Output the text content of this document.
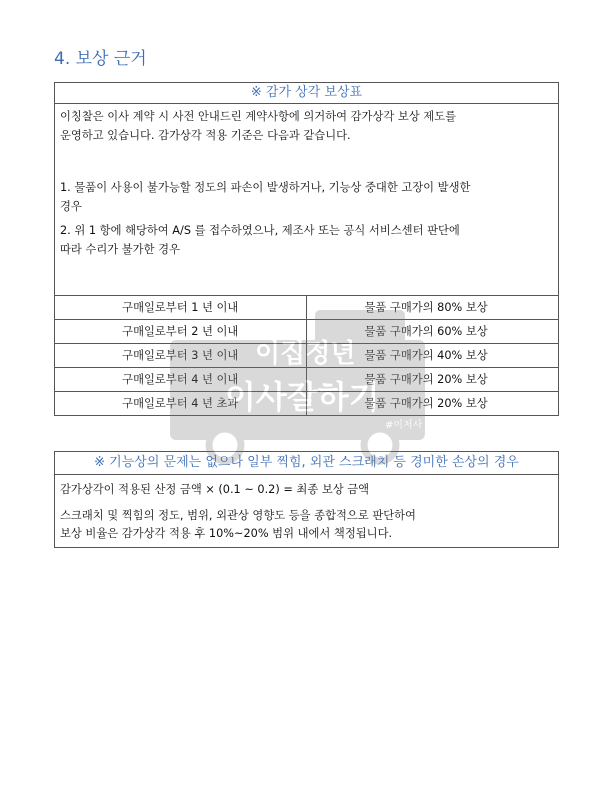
4. 보상 근거
※ 감가 상각 보상표

이칭찰은 이사 계약 시 사전 안내드린 계약사항에 의거하여 감가상각 보상 제도를

운영하고 있습니다. 감가상각 적용 기준은 다음과 같습니다.

1. 물품이 사용이 불가능할 정도의 파손이 발생하거나, 기능상 중대한 고장이 발생한

경우

2. 위 1 항에 해당하여 A/S 를 접수하였으나, 제조사 또는 공식 서비스센터 판단에

따라 수리가 불가한 경우

구매일로부터 1 년 이내	물품 구매가의 80% 보상
구매일로부터 2 년 이내	물품 구매가의 60% 보상
구매일로부터 3 년 이내	물품 구매가의 40% 보상
구매일로부터 4 년 이내	물품 구매가의 20% 보상
구매일로부터 4 년 초과	물품 구매가의 20% 보상
※ 기능상의 문제는 없으나 일부 찍힘, 외관 스크래치 등 경미한 손상의 경우

감가상각이 적용된 산정 금액 × (0.1 ~ 0.2) = 최종 보상 금액

스크래치 및 찍힘의 정도, 범위, 외관상 영향도 등을 종합적으로 판단하여

보상 비율은 감가상각 적용 후 10%~20% 범위 내에서 책정됩니다.

이집정년
이사잘하기
#이저사
